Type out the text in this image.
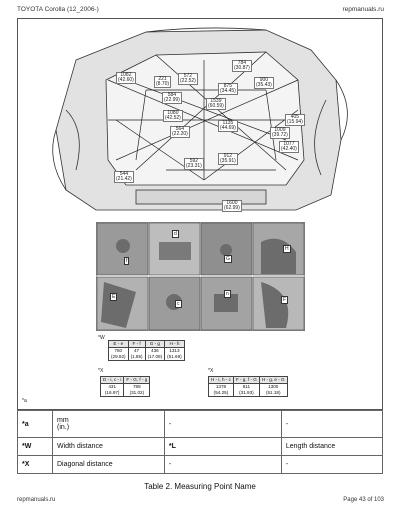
TOYOTA Corolla (12_2006-)	repmanuals.ru
1082
(42.60)	221
(8.70)
572
(22.52)
784
(30.87)
584
(22.99)
875
(34.45)
900
(35.43)
1080
(42.52)
1539
(60.59)
564
(22.20)
1135
(44.69)
405
(15.94)
1009
(39.72)
1077
(42.40)
912
(35.91)
592
(23.31)
544
(21.42)
1600
(62.99)
*W
E - e	F - f	G - g	H - h
760
(29.92)	47
(1.85)	436
(17.09)	1313
(51.69)
*X
D - i, c - i	F - G, f - g
431
(16.97)	788
(31.02)
*X
H - i, h - c	F - g, f - G	H - g, e - G
1378
(54.25)	811
(31.93)	1300
(51.18)
*a
*a	mm
(in.)	-	-
*W	Width distance	*L	Length distance
*X	Diagonal distance	-	-
Table 2. Measuring Point Name
repmanuals.ru	Page 43 of 103
f
d
G
H
E
c
n
F
